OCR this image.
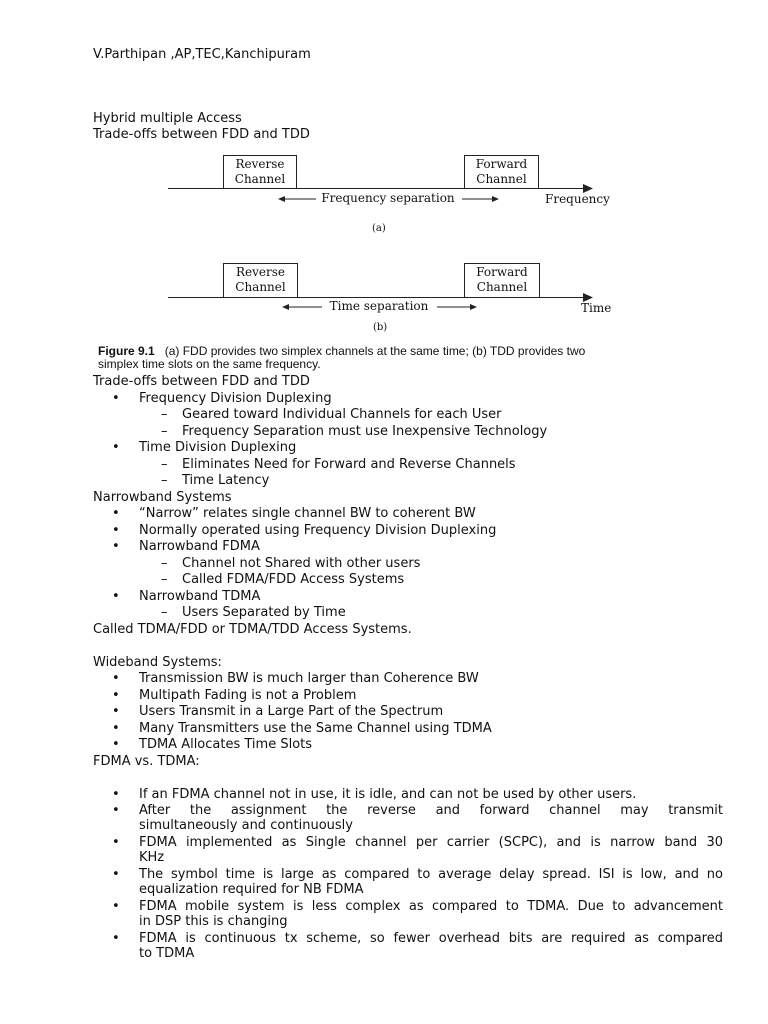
V.Parthipan ,AP,TEC,Kanchipuram
Hybrid multiple Access
Trade-offs between FDD and TDD
Reverse
Channel
Forward
Channel
Frequency separation	Frequency
(a)
Reverse
Channel
Forward
Channel
Time separation	Time
(b)
Figure 9.1 (a) FDD provides two simplex channels at the same time; (b) TDD provides two
simplex time slots on the same frequency.
Trade-offs between FDD and TDD
• Frequency Division Duplexing
– Geared toward Individual Channels for each User
– Frequency Separation must use Inexpensive Technology
• Time Division Duplexing
– Eliminates Need for Forward and Reverse Channels
– Time Latency
Narrowband Systems
• “Narrow” relates single channel BW to coherent BW
• Normally operated using Frequency Division Duplexing
• Narrowband FDMA
– Channel not Shared with other users
– Called FDMA/FDD Access Systems
• Narrowband TDMA
– Users Separated by Time
Called TDMA/FDD or TDMA/TDD Access Systems.
Wideband Systems:
• Transmission BW is much larger than Coherence BW
• Multipath Fading is not a Problem
• Users Transmit in a Large Part of the Spectrum
• Many Transmitters use the Same Channel using TDMA
• TDMA Allocates Time Slots
FDMA vs. TDMA:
• If an FDMA channel not in use, it is idle, and can not be used by other users.
• After the assignment the reverse and forward channel may transmit
simultaneously and continuously
• FDMA implemented as Single channel per carrier (SCPC), and is narrow band 30
KHz
• The symbol time is large as compared to average delay spread. ISI is low, and no
equalization required for NB FDMA
• FDMA mobile system is less complex as compared to TDMA. Due to advancement
in DSP this is changing
• FDMA is continuous tx scheme, so fewer overhead bits are required as compared
to TDMA
